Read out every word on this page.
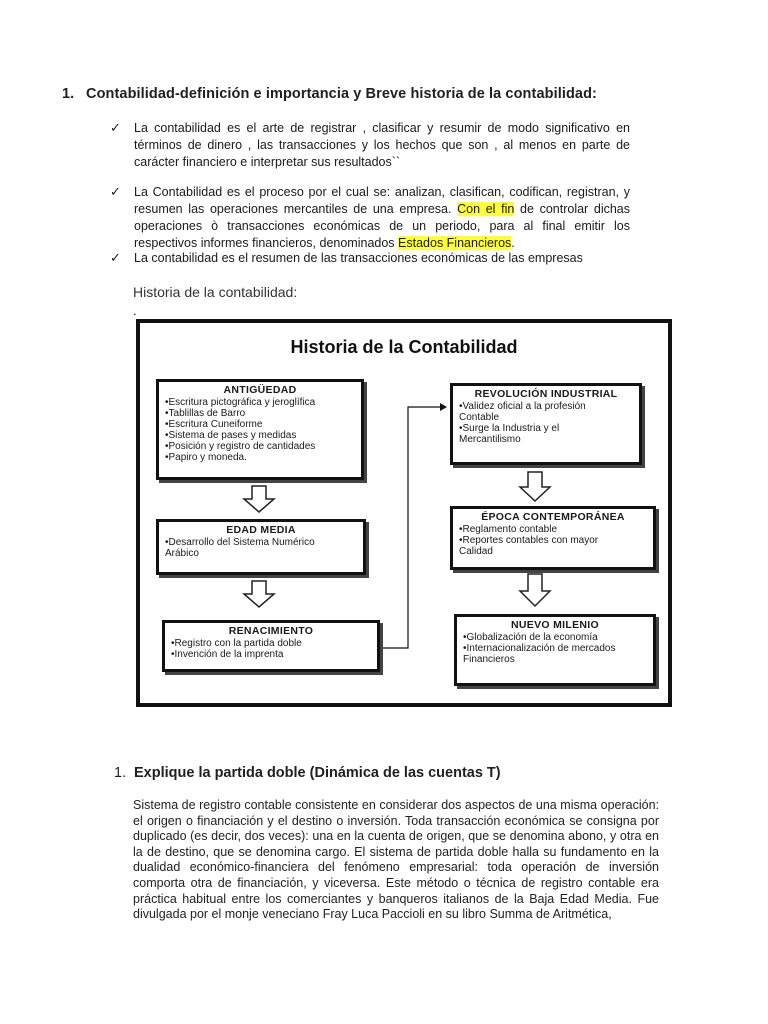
1. Contabilidad-definición e importancia y Breve historia de la contabilidad:
✓ La contabilidad es el arte de registrar , clasificar y resumir de modo significativo en términos de dinero , las transacciones y los hechos que son , al menos en parte de carácter financiero e interpretar sus resultados``
✓ La Contabilidad es el proceso por el cual se: analizan, clasifican, codifican, registran, y resumen las operaciones mercantiles de una empresa. Con el fin de controlar dichas operaciones ò transacciones económicas de un periodo, para al final emitir los respectivos informes financieros, denominados Estados Financieros.
✓ La contabilidad es el resumen de las transacciones económicas de las empresas
Historia de la contabilidad:
.
Historia de la Contabilidad
ANTIGÜEDAD
•Escritura pictográfica y jeroglífica
•Tablillas de Barro
•Escritura Cuneiforme
•Sistema de pases y medidas
•Posición y registro de cantidades
•Papiro y moneda.
EDAD MEDIA
•Desarrollo del Sistema Numérico
Arábico
RENACIMIENTO
•Registro con la partida doble
•Invención de la imprenta
REVOLUCIÓN INDUSTRIAL
•Validez oficial a la profesión
Contable
•Surge la Industria y el
Mercantilismo
ÉPOCA CONTEMPORÁNEA
•Reglamento contable
•Reportes contables con mayor
Calidad
NUEVO MILENIO
•Globalización de la economía
•Internacionalización de mercados
Financieros
1. Explique la partida doble (Dinámica de las cuentas T)
Sistema de registro contable consistente en considerar dos aspectos de una misma operación: el origen o financiación y el destino o inversión. Toda transacción económica se consigna por duplicado (es decir, dos veces): una en la cuenta de origen, que se denomina abono, y otra en la de destino, que se denomina cargo. El sistema de partida doble halla su fundamento en la dualidad económico-financiera del fenómeno empresarial: toda operación de inversión comporta otra de financiación, y viceversa. Este método o técnica de registro contable era práctica habitual entre los comerciantes y banqueros italianos de la Baja Edad Media. Fue divulgada por el monje veneciano Fray Luca Paccioli en su libro Summa de Aritmética,
